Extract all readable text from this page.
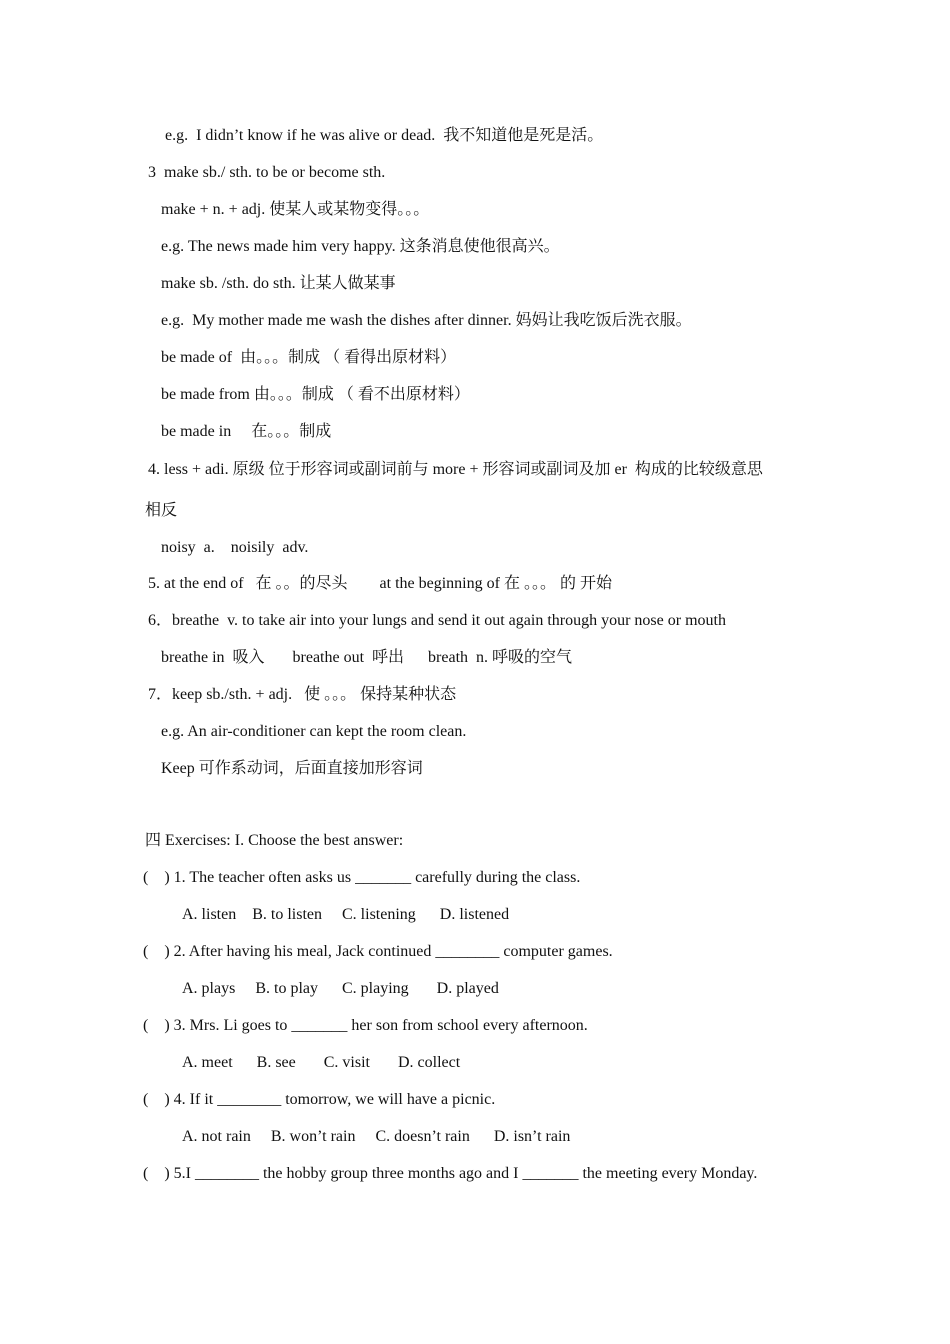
e.g.  I didn’t know if he was alive or dead.  我不知道他是死是活。
3  make sb./ sth. to be or become sth.
make + n. + adj. 使某人或某物变得。。。
e.g. The news made him very happy. 这条消息使他很高兴。
make sb. /sth. do sth. 让某人做某事
e.g.  My mother made me wash the dishes after dinner. 妈妈让我吃饭后洗衣服。
be made of  由。。。制成 （ 看得出原材料）
be made from 由。。。制成 （ 看不出原材料）
be made in     在。。。制成
4. less + adi. 原级 位于形容词或副词前与 more + 形容词或副词及加 er  构成的比较级意思
相反
noisy  a.    noisily  adv.
5. at the end of   在 。。的尽头        at the beginning of 在 。。。 的 开始
6．breathe  v. to take air into your lungs and send it out again through your nose or mouth
breathe in  吸入       breathe out  呼出      breath  n. 呼吸的空气
7．keep sb./sth. + adj.   使 。。。 保持某种状态
e.g. An air-conditioner can kept the room clean.
Keep 可作系动词，后面直接加形容词
四 Exercises: I. Choose the best answer:
(    ) 1. The teacher often asks us _______ carefully during the class.
A. listen    B. to listen     C. listening      D. listened
(    ) 2. After having his meal, Jack continued ________ computer games.
A. plays     B. to play      C. playing       D. played
(    ) 3. Mrs. Li goes to _______ her son from school every afternoon.
A. meet      B. see       C. visit       D. collect
(    ) 4. If it ________ tomorrow, we will have a picnic.
A. not rain     B. won’t rain     C. doesn’t rain      D. isn’t rain
(    ) 5.I ________ the hobby group three months ago and I _______ the meeting every Monday.
